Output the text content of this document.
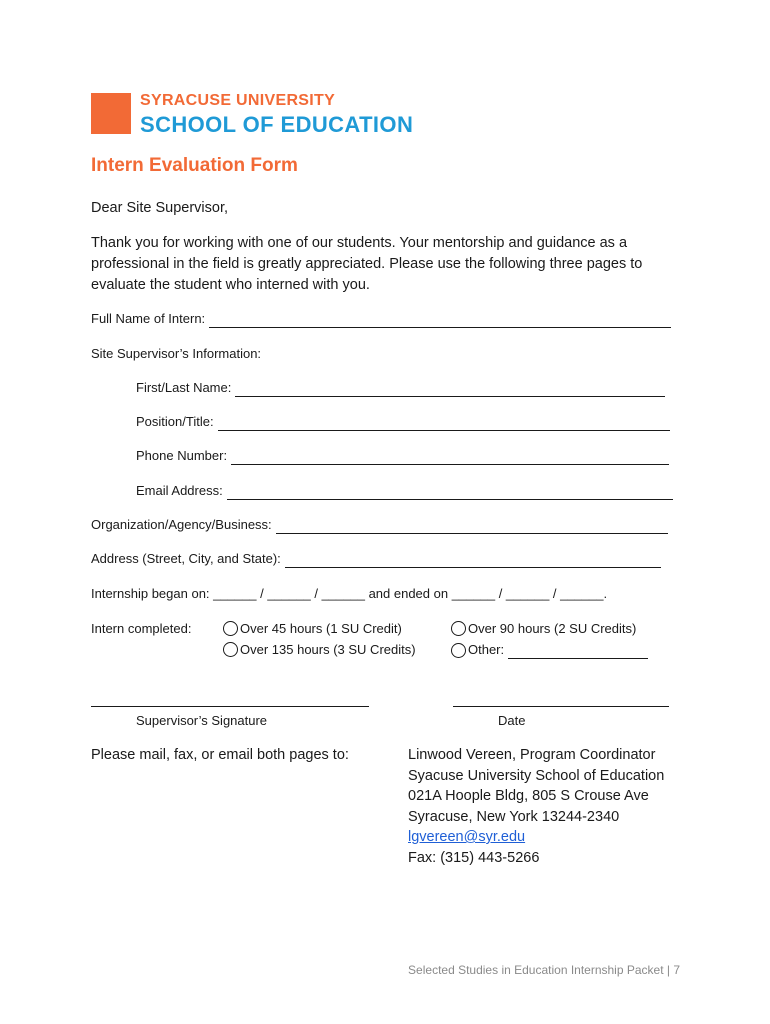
SYRACUSE UNIVERSITY
SCHOOL OF EDUCATION
Intern Evaluation Form
Dear Site Supervisor,
Thank you for working with one of our students. Your mentorship and guidance as a
professional in the field is greatly appreciated. Please use the following three pages to
evaluate the student who interned with you.
Full Name of Intern:
Site Supervisor’s Information:
First/Last Name:
Position/Title:
Phone Number:
Email Address:
Organization/Agency/Business:
Address (Street, City, and State):
Internship began on: ______ / ______ / ______ and ended on ______ / ______ / ______.
Intern completed:	Over 45 hours (1 SU Credit)	Over 90 hours (2 SU Credits)
Over 135 hours (3 SU Credits)	Other:
Supervisor’s Signature	Date
Please mail, fax, or email both pages to:	Linwood Vereen, Program Coordinator
Syacuse University School of Education
021A Hoople Bldg, 805 S Crouse Ave
Syracuse, New York 13244-2340
lgvereen@syr.edu
Fax: (315) 443-5266
Selected Studies in Education Internship Packet | 7
